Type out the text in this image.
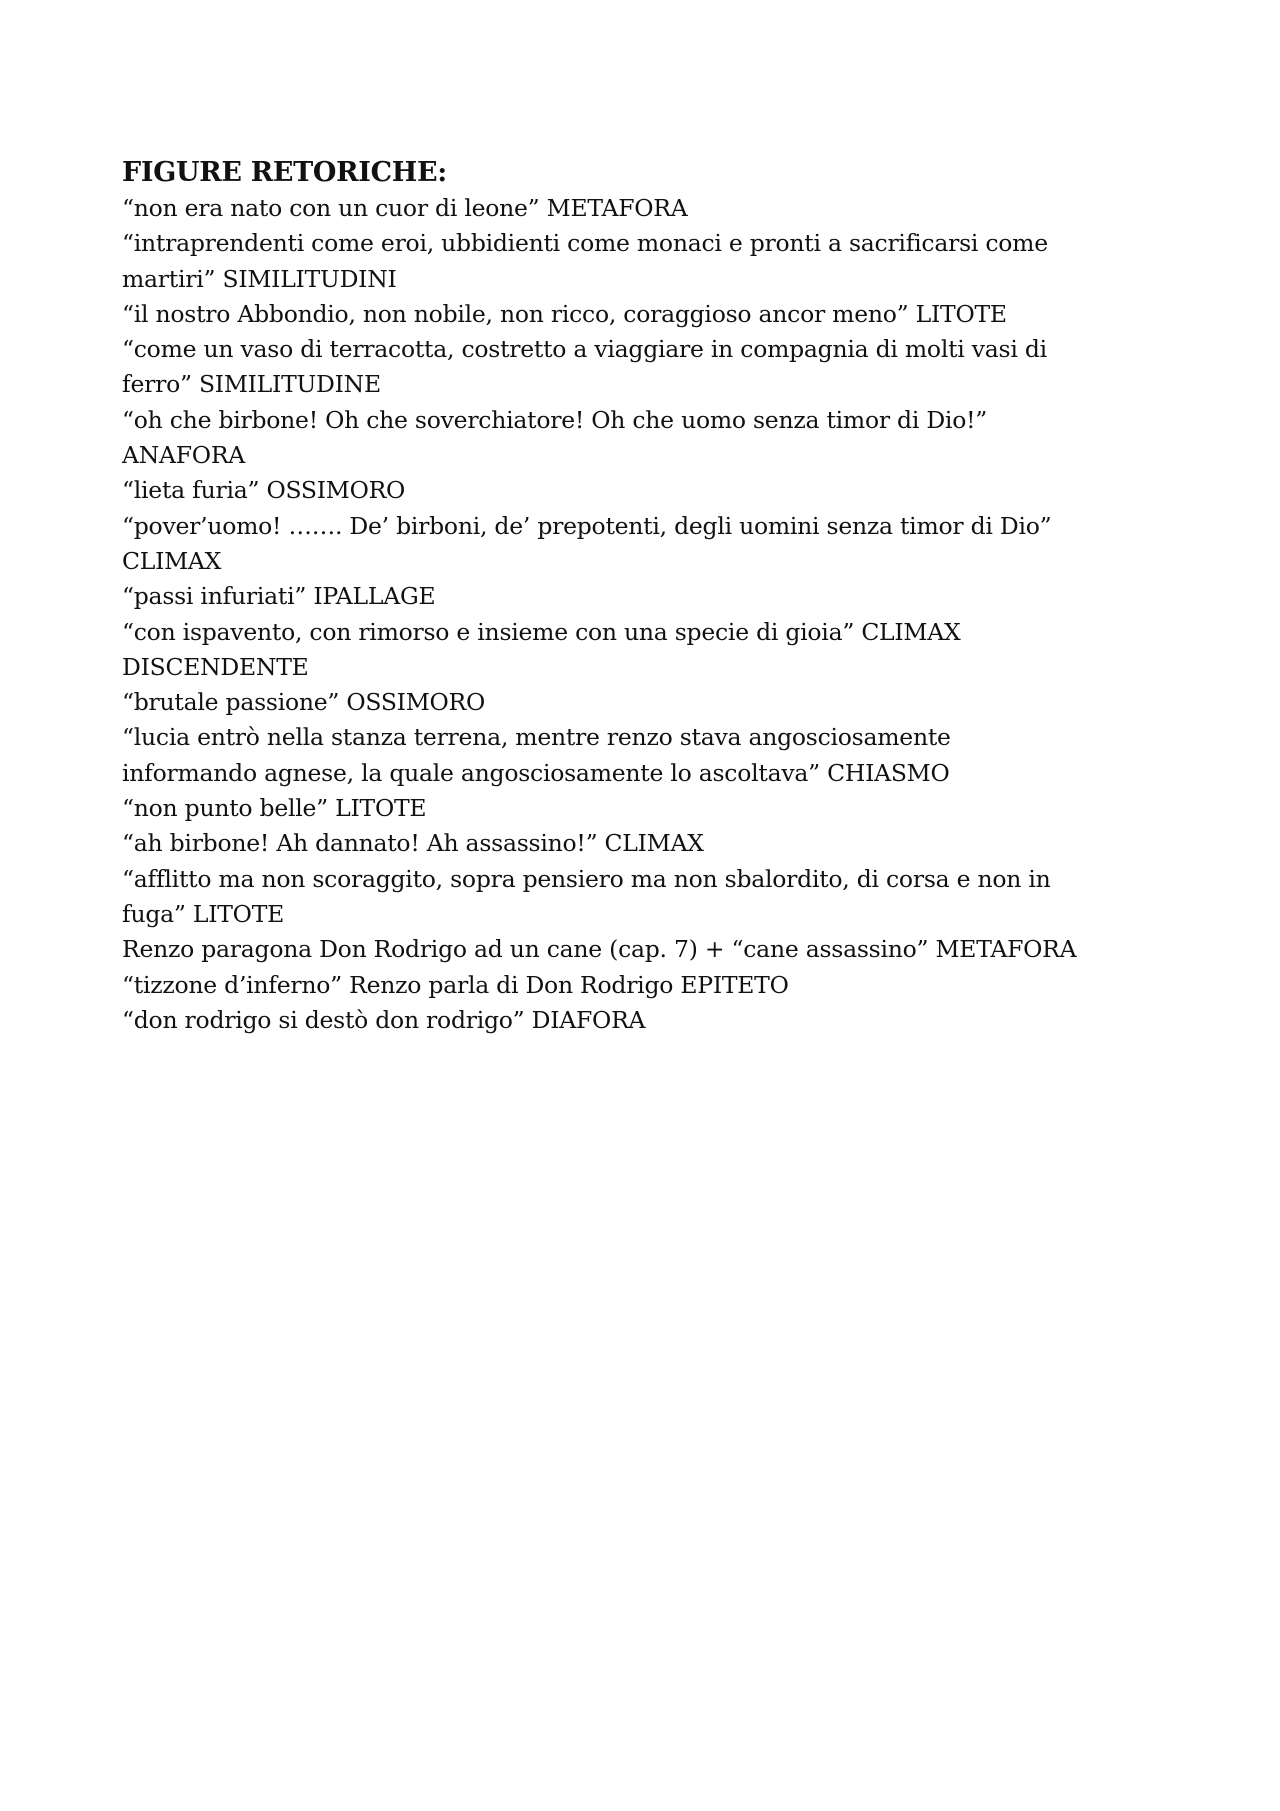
FIGURE RETORICHE:
“non era nato con un cuor di leone” METAFORA
“intraprendenti come eroi, ubbidienti come monaci e pronti a sacrificarsi come
martiri” SIMILITUDINI
“il nostro Abbondio, non nobile, non ricco, coraggioso ancor meno” LITOTE
“come un vaso di terracotta, costretto a viaggiare in compagnia di molti vasi di
ferro” SIMILITUDINE
“oh che birbone! Oh che soverchiatore! Oh che uomo senza timor di Dio!”
ANAFORA
“lieta furia” OSSIMORO
“pover’uomo! ……. De’ birboni, de’ prepotenti, degli uomini senza timor di Dio”
CLIMAX
“passi infuriati” IPALLAGE
“con ispavento, con rimorso e insieme con una specie di gioia” CLIMAX
DISCENDENTE
“brutale passione” OSSIMORO
“lucia entrò nella stanza terrena, mentre renzo stava angosciosamente
informando agnese, la quale angosciosamente lo ascoltava” CHIASMO
“non punto belle” LITOTE
“ah birbone! Ah dannato! Ah assassino!” CLIMAX
“afflitto ma non scoraggito, sopra pensiero ma non sbalordito, di corsa e non in
fuga” LITOTE
Renzo paragona Don Rodrigo ad un cane (cap. 7) + “cane assassino” METAFORA
“tizzone d’inferno” Renzo parla di Don Rodrigo EPITETO
“don rodrigo si destò don rodrigo” DIAFORA
